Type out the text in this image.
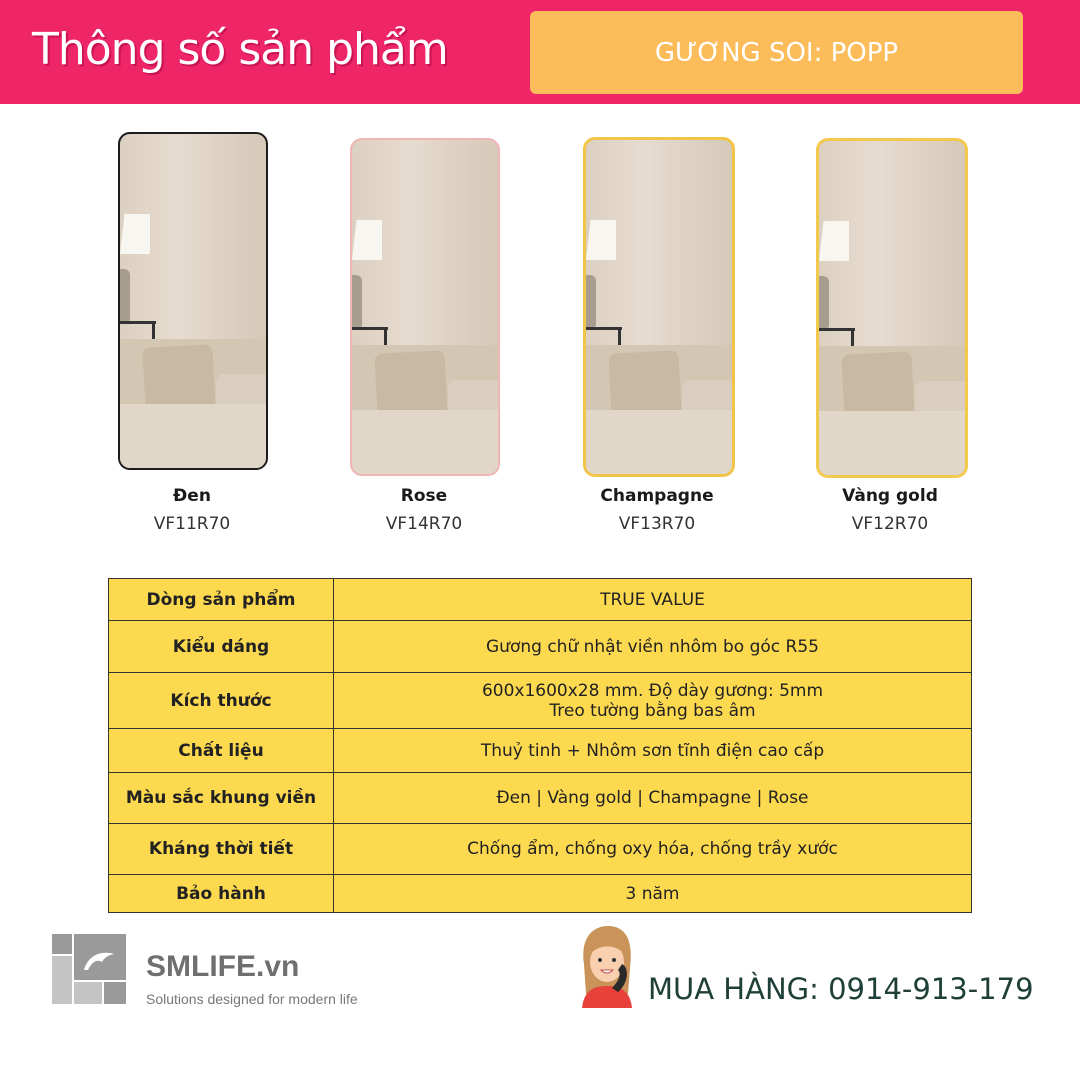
Thông số sản phẩm	GƯƠNG SOI: POPP
Đen
VF11R70
Rose
VF14R70
Champagne
VF13R70
Vàng gold
VF12R70
Dòng sản phẩm	TRUE VALUE
Kiểu dáng	Gương chữ nhật viền nhôm bo góc R55
Kích thước	600x1600x28 mm. Độ dày gương: 5mm
Treo tường bằng bas âm

Chất liệu	Thuỷ tinh + Nhôm sơn tĩnh điện cao cấp
Màu sắc khung viền	Đen | Vàng gold | Champagne | Rose
Kháng thời tiết	Chống ẩm, chống oxy hóa, chống trầy xước
Bảo hành	3 năm
SMLIFE.vn
Solutions designed for modern life	MUA HÀNG: 0914-913-179
